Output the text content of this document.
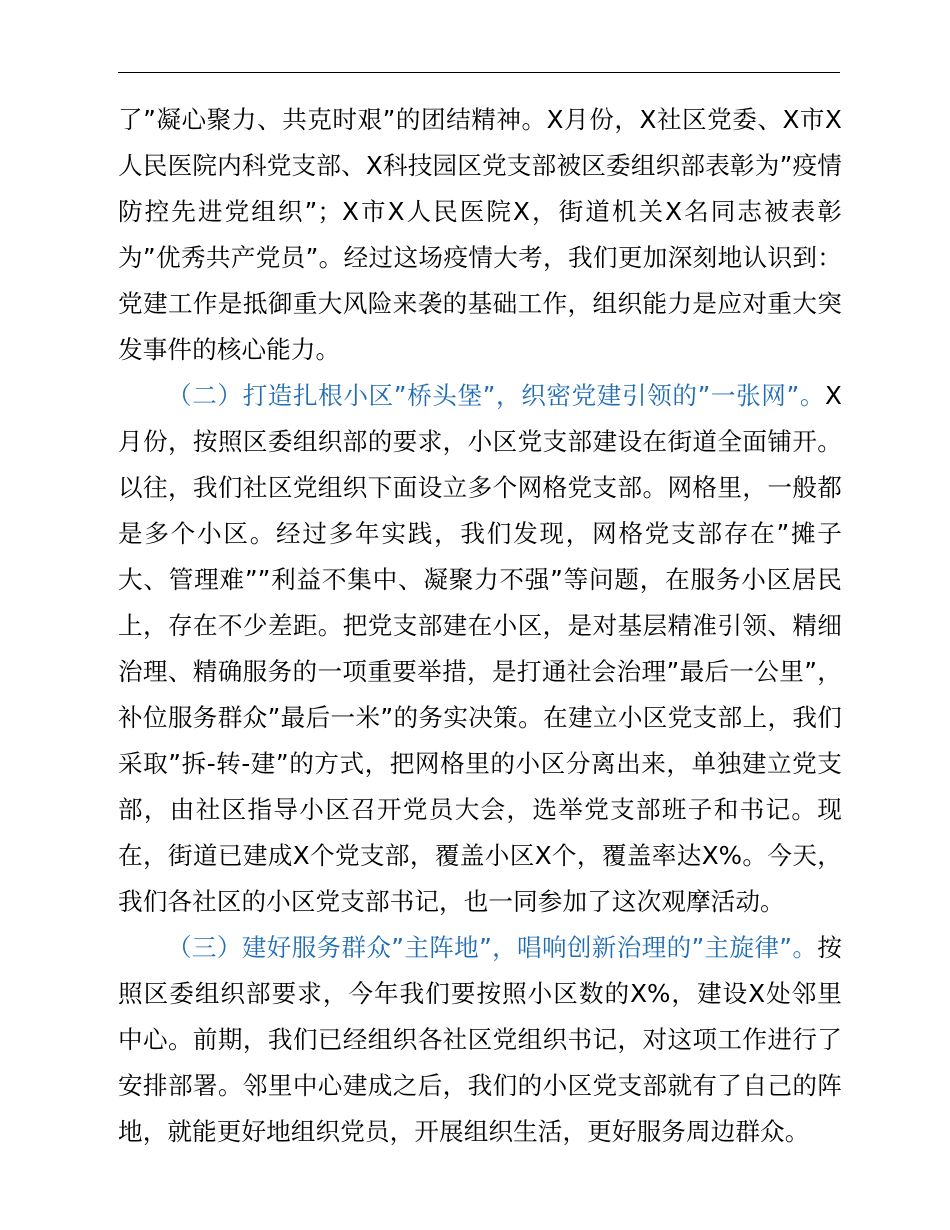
了”凝心聚力、共克时艰”的团结精神。X月份，X社区党委、X市X人民医院内科党支部、X科技园区党支部被区委组织部表彰为”疫情防控先进党组织”；X市X人民医院X，街道机关X名同志被表彰为”优秀共产党员”。经过这场疫情大考，我们更加深刻地认识到：党建工作是抵御重大风险来袭的基础工作，组织能力是应对重大突发事件的核心能力。

（二）打造扎根小区”桥头堡”，织密党建引领的”一张网”。X月份，按照区委组织部的要求，小区党支部建设在街道全面铺开。以往，我们社区党组织下面设立多个网格党支部。网格里，一般都是多个小区。经过多年实践，我们发现，网格党支部存在”摊子大、管理难””利益不集中、凝聚力不强”等问题，在服务小区居民上，存在不少差距。把党支部建在小区，是对基层精准引领、精细治理、精确服务的一项重要举措，是打通社会治理”最后一公里”，补位服务群众”最后一米”的务实决策。在建立小区党支部上，我们采取”拆-转-建”的方式，把网格里的小区分离出来，单独建立党支部，由社区指导小区召开党员大会，选举党支部班子和书记。现在，街道已建成X个党支部，覆盖小区X个，覆盖率达X%。今天，我们各社区的小区党支部书记，也一同参加了这次观摩活动。

（三）建好服务群众”主阵地”，唱响创新治理的”主旋律”。按照区委组织部要求，今年我们要按照小区数的X%，建设X处邻里中心。前期，我们已经组织各社区党组织书记，对这项工作进行了安排部署。邻里中心建成之后，我们的小区党支部就有了自己的阵地，就能更好地组织党员，开展组织生活，更好服务周边群众。
